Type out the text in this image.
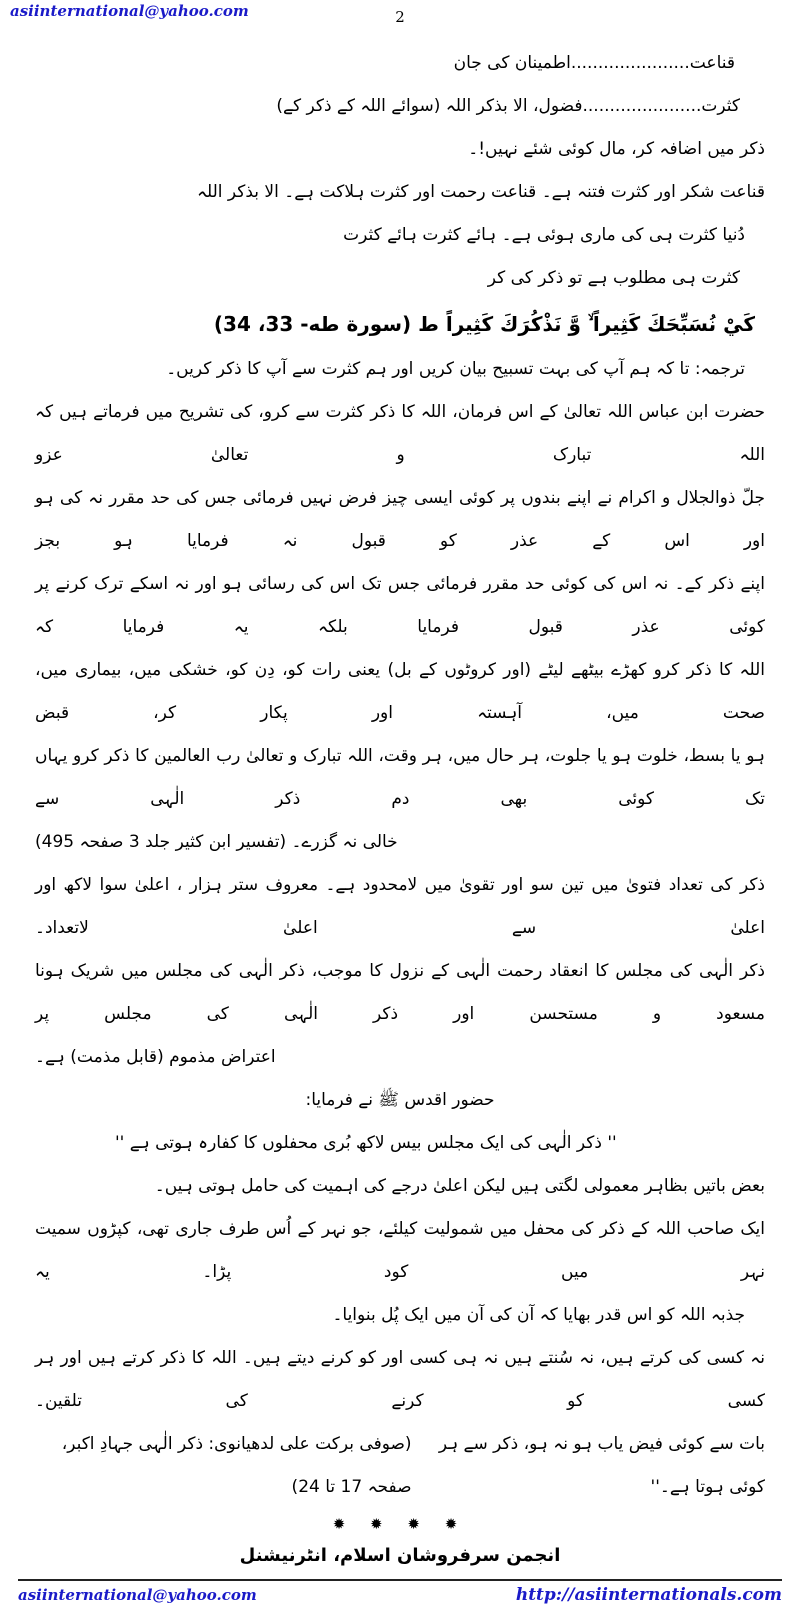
asiinternational@yahoo.com	2
قناعت......................اطمینان کی جان
کثرت......................فضول، الا بذکر اللہ (سوائے اللہ کے ذکر کے)
ذکر میں اضافہ کر، مال کوئی شئے نہیں!۔
قناعت شکر اور کثرت فتنہ ہے۔ قناعت رحمت اور کثرت ہلاکت ہے۔ الا بذکر اللہ
دُنیا کثرت ہی کی ماری ہوئی ہے۔ ہائے کثرت ہائے کثرت
کثرت ہی مطلوب ہے تو ذکر کی کر
كَيْ نُسَبِّحَكَ كَثِيراً ۙ وَّ نَذْكُرَكَ كَثِيراً ط (سورة طه- 33، 34)
ترجمہ: تا کہ ہم آپ کی بہت تسبیح بیان کریں اور ہم کثرت سے آپ کا ذکر کریں۔
حضرت ابن عباس اللہ تعالیٰ کے اس فرمان، اللہ کا ذکر کثرت سے کرو، کی تشریح میں فرماتے ہیں کہ اللہ تبارک و تعالیٰ عزو
جلّ ذوالجلال و اکرام نے اپنے بندوں پر کوئی ایسی چیز فرض نہیں فرمائی جس کی حد مقرر نہ کی ہو اور اس کے عذر کو قبول نہ فرمایا ہو بجز
اپنے ذکر کے۔ نہ اس کی کوئی حد مقرر فرمائی جس تک اس کی رسائی ہو اور نہ اسکے ترک کرنے پر کوئی عذر قبول فرمایا بلکہ یہ فرمایا کہ
اللہ کا ذکر کرو کھڑے بیٹھے لیٹے (اور کروٹوں کے بل) یعنی رات کو، دِن کو، خشکی میں، بیماری میں، صحت میں، آہستہ اور پکار کر، قبض
ہو یا بسط، خلوت ہو یا جلوت، ہر حال میں، ہر وقت، اللہ تبارک و تعالیٰ رب العالمین کا ذکر کرو یہاں تک کوئی بھی دم ذکر الٰہی سے
خالی نہ گزرے۔ (تفسیر ابن کثیر جلد 3 صفحہ 495)
ذکر کی تعداد فتویٰ میں تین سو اور تقویٰ میں لامحدود ہے۔ معروف ستر ہزار ، اعلیٰ سوا لاکھ اور اعلیٰ سے اعلیٰ لاتعداد۔
ذکر الٰہی کی مجلس کا انعقاد رحمت الٰہی کے نزول کا موجب، ذکر الٰہی کی مجلس میں شریک ہونا مسعود و مستحسن اور ذکر الٰہی کی مجلس پر
اعتراض مذموم (قابل مذمت) ہے۔
حضور اقدس ﷺ نے فرمایا:
'' ذکر الٰہی کی ایک مجلس بیس لاکھ بُری محفلوں کا کفارہ ہوتی ہے ''
بعض باتیں بظاہر معمولی لگتی ہیں لیکن اعلیٰ درجے کی اہمیت کی حامل ہوتی ہیں۔
ایک صاحب اللہ کے ذکر کی محفل میں شمولیت کیلئے، جو نہر کے اُس طرف جاری تھی، کپڑوں سمیت نہر میں کود پڑا۔ یہ
جذبہ اللہ کو اس قدر بھایا کہ آن کی آن میں ایک پُل بنوایا۔
نہ کسی کی کرتے ہیں، نہ سُنتے ہیں نہ ہی کسی اور کو کرنے دیتے ہیں۔ اللہ کا ذکر کرتے ہیں اور ہر کسی کو کرنے کی تلقین۔
بات سے کوئی فیض یاب ہو نہ ہو، ذکر سے ہر کوئی ہوتا ہے۔''
(صوفی برکت علی لدھیانوی: ذکر الٰہی جہادِ اکبر، صفحہ 17 تا 24)
✹ ✹ ✹ ✹
انجمن سرفروشان اسلام، انٹرنیشنل
asiinternational@yahoo.com	http://asiinternationals.com
